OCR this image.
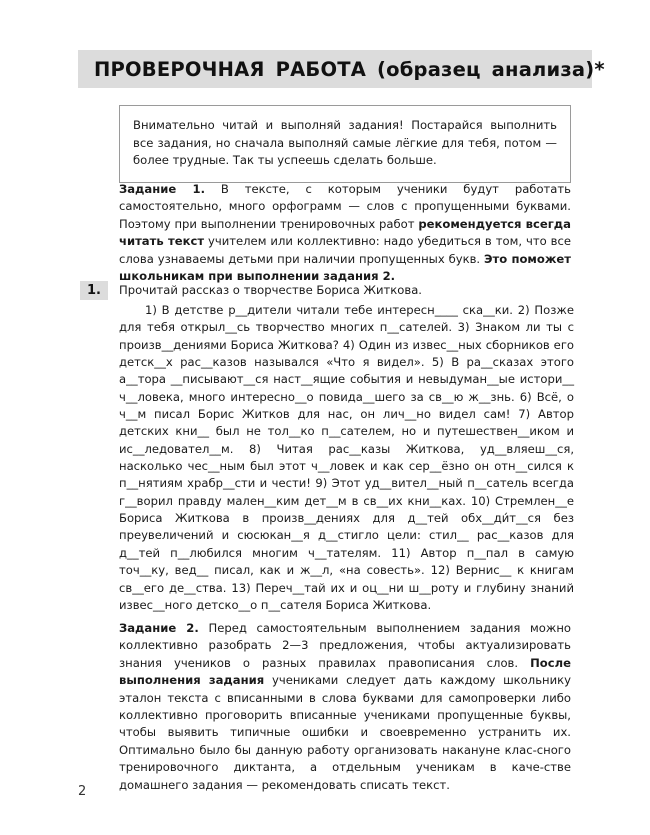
ПРОВЕРОЧНАЯ РАБОТА (образец анализа)*

Внимательно читай и выполняй задания! Постарайся выполнить все задания, но сначала выполняй самые лёгкие для тебя, потом — более трудные. Так ты успеешь сделать больше.

Задание 1. В тексте, с которым ученики будут работать самостоятельно, много орфограмм — слов с пропущенными буквами. Поэтому при выполнении тренировочных работ рекомендуется всегда читать текст учителем или коллективно: надо убедиться в том, что все слова узнаваемы детьми при наличии пропущенных букв. Это поможет школьникам при выполнении задания 2.

1.	Прочитай рассказ о творчестве Бориса Житкова.
1) В детстве р__дители читали тебе интересн____ ска__ки. 2) Позже для тебя открыл__сь творчество многих п__сателей. 3) Знаком ли ты с произв__дениями Бориса Житкова? 4) Один из извес__ных сборников его детск__х рас__казов назывался «Что я видел». 5) В ра__сказах этого а__тора __писывают__ся наст__ящие события и невыдуман__ые истори__ ч__ловека, много интересно__о повида__шего за св__ю ж__знь. 6) Всё, о ч__м писал Борис Житков для нас, он лич__но видел сам! 7) Автор детских кни__ был не тол__ко п__сателем, но и путешествен__иком и ис__ледовател__м. 8) Читая рас__казы Житкова, уд__вляеш__ся, насколько чес__ным был этот ч__ловек и как сер__ёзно он отн__сился к п__нятиям храбр__сти и чести! 9) Этот уд__вител__ный п__сатель всегда г__ворил правду мален__ким дет__м в св__их кни__ках. 10) Стремлен__е Бориса Житкова в произв__дениях для д__тей обх__ди́т__ся без преувеличений и сюсюкан__я д__стигло цели: стил__ рас__казов для д__тей п__любился многим ч__тателям. 11) Автор п__пал в самую точ__ку, вед__ писал, как и ж__л, «на совесть». 12) Вернис__ к книгам св__его де__ства. 13) Переч__тай их и оц__ни ш__роту и глубину знаний извес__ного детско__о п__сателя Бориса Житкова.

Задание 2. Перед самостоятельным выполнением задания можно коллективно разобрать 2—3 предложения, чтобы актуализировать знания учеников о разных правилах правописания слов. После выполнения задания учениками следует дать каждому школьнику эталон текста с вписанными в слова буквами для самопроверки либо коллективно проговорить вписанные учениками пропущенные буквы, чтобы выявить типичные ошибки и своевременно устранить их. Оптимально было бы данную работу организовать накануне клас-сного тренировочного диктанта, а отдельным ученикам в каче-стве домашнего задания — рекомендовать списать текст.

2
